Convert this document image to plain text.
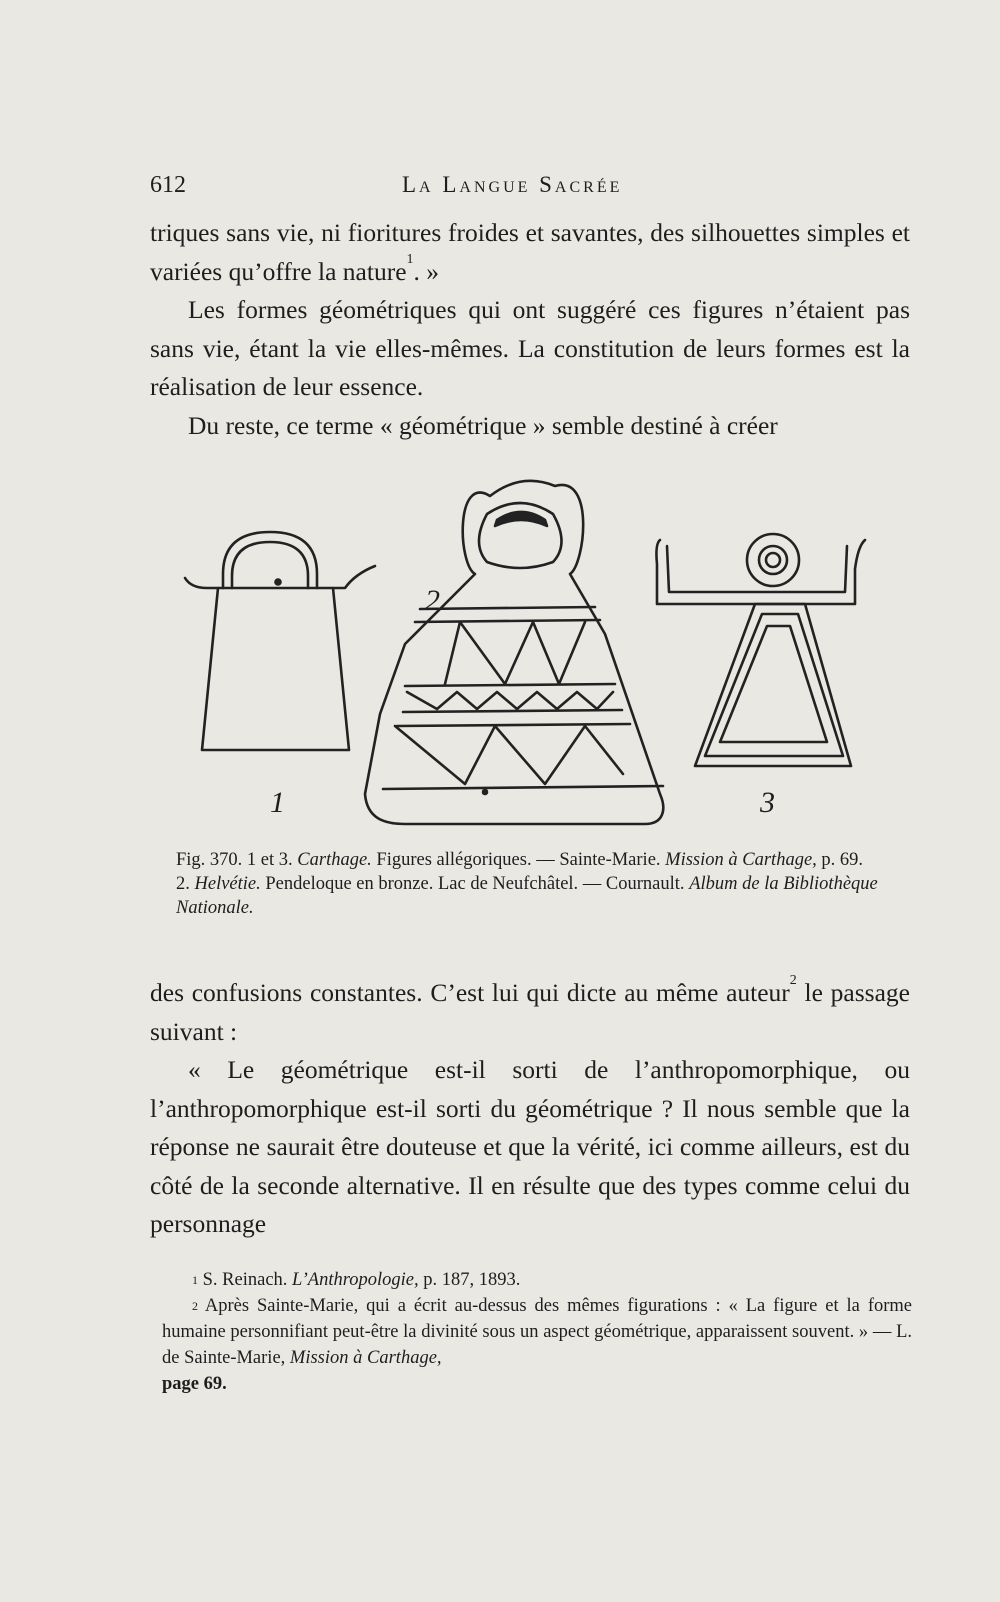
612	La Langue Sacrée

triques sans vie, ni fioritures froides et savantes, des silhouettes simples et variées qu’offre la nature$^1$. »

Les formes géométriques qui ont suggéré ces figures n’étaient pas sans vie, étant la vie elles-mêmes. La constitution de leurs formes est la réalisation de leur essence.

Du reste, ce terme « géométrique » semble destiné à créer

1
2
3

Fig. 370. 1 et 3. Carthage. Figures allégoriques. — Sainte-Marie. Mission à Carthage, p. 69.

2. Helvétie. Pendeloque en bronze. Lac de Neufchâtel. — Cournault. Album de la Bibliothèque Nationale.

des confusions constantes. C’est lui qui dicte au même auteur$^2$ le passage suivant :

« Le géométrique est-il sorti de l’anthropomorphique, ou l’anthropomorphique est-il sorti du géométrique ? Il nous semble que la réponse ne saurait être douteuse et que la vérité, ici comme ailleurs, est du côté de la seconde alternative. Il en résulte que des types comme celui du personnage

$^1$ S. Reinach. L’Anthropologie, p. 187, 1893.

$^2$ Après Sainte-Marie, qui a écrit au-dessus des mêmes figurations : « La figure et la forme humaine personnifiant peut-être la divinité sous un aspect géométrique, apparaissent souvent. » — L. de Sainte-Marie, Mission à Carthage,

page 69.
